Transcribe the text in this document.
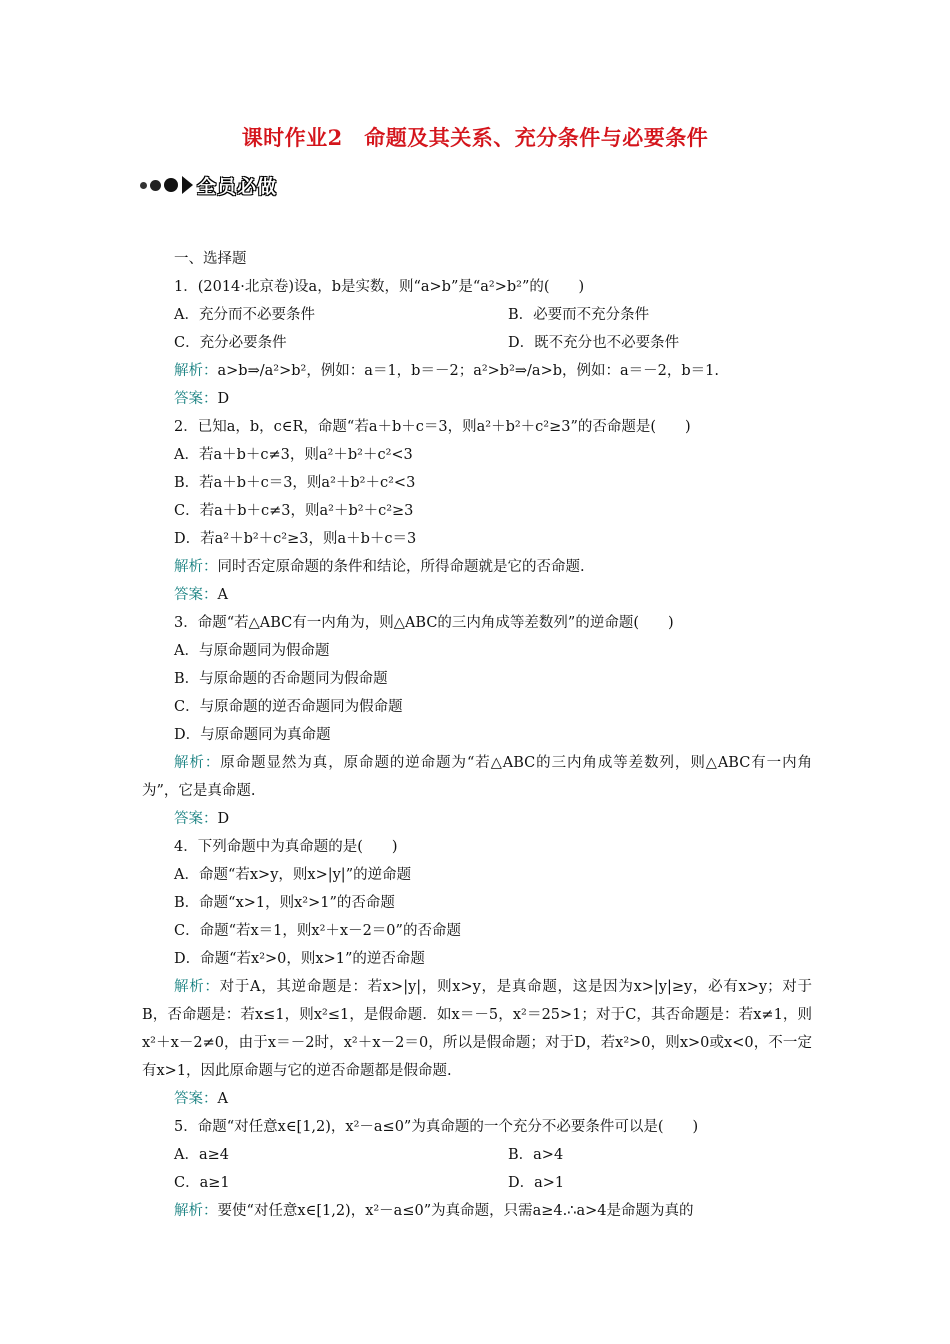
课时作业2　命题及其关系、充分条件与必要条件
全员必做
一、选择题
1．(2014·北京卷)设a，b是实数，则“a>b”是“a²>b²”的(　　)
A．充分而不必要条件	B．必要而不充分条件
C．充分必要条件	D．既不充分也不必要条件
解析：a>b⇒/a²>b²，例如：a＝1，b＝－2；a²>b²⇒/a>b，例如：a＝－2，b＝1.
答案：D
2．已知a，b，c∈R，命题“若a＋b＋c＝3，则a²＋b²＋c²≥3”的否命题是(　　)
A．若a＋b＋c≠3，则a²＋b²＋c²<3
B．若a＋b＋c＝3，则a²＋b²＋c²<3
C．若a＋b＋c≠3，则a²＋b²＋c²≥3
D．若a²＋b²＋c²≥3，则a＋b＋c＝3
解析：同时否定原命题的条件和结论，所得命题就是它的否命题.
答案：A
3．命题“若△ABC有一内角为，则△ABC的三内角成等差数列”的逆命题(　　)
A．与原命题同为假命题
B．与原命题的否命题同为假命题
C．与原命题的逆否命题同为假命题
D．与原命题同为真命题
解析：原命题显然为真，原命题的逆命题为“若△ABC的三内角成等差数列，则△ABC有一内角为”，它是真命题.
答案：D
4．下列命题中为真命题的是(　　)
A．命题“若x>y，则x>|y|”的逆命题
B．命题“x>1，则x²>1”的否命题
C．命题“若x＝1，则x²＋x－2＝0”的否命题
D．命题“若x²>0，则x>1”的逆否命题
解析：对于A，其逆命题是：若x>|y|，则x>y，是真命题，这是因为x>|y|≥y，必有x>y；对于B，否命题是：若x≤1，则x²≤1，是假命题．如x＝－5，x²＝25>1；对于C，其否命题是：若x≠1，则x²＋x－2≠0，由于x＝－2时，x²＋x－2＝0，所以是假命题；对于D，若x²>0，则x>0或x<0，不一定有x>1，因此原命题与它的逆否命题都是假命题.
答案：A
5．命题“对任意x∈[1,2)，x²－a≤0”为真命题的一个充分不必要条件可以是(　　)
A．a≥4	B．a>4
C．a≥1	D．a>1
解析：要使“对任意x∈[1,2)，x²－a≤0”为真命题，只需a≥4.∴a>4是命题为真的
